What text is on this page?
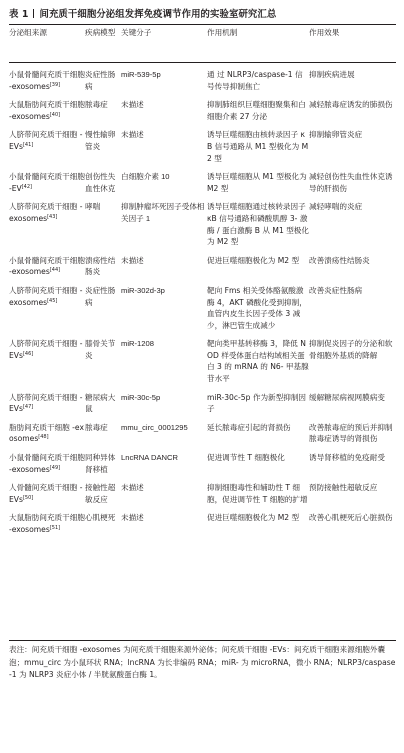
表 1 间充质干细胞分泌组发挥免疫调节作用的实验室研究汇总
分泌组来源	疾病模型	关键分子	作用机制	作用效果
小鼠骨髓间充质干细胞 -exosomes[39]	炎症性肠病	miR-539-5p	通 过 NLRP3/caspase-1 信号传导抑制焦亡	抑制疾病进展
大鼠脂肪间充质干细胞 -exosomes[40]	脓毒症	未描述	抑制肺组织巨噬细胞聚集和白细胞介素 27 分泌	减轻脓毒症诱发的肺损伤
人脐带间充质干细胞 -EVs[41]	慢性输卵管炎	未描述	诱导巨噬细胞由核转录因子 κB 信号通路从 M1 型极化为 M2 型	抑制输卵管炎症
小鼠骨髓间充质干细胞 -EV[42]	创伤性失血性休克	白细胞介素 10	诱导巨噬细胞从 M1 型极化为 M2 型	减轻创伤性失血性休克诱导的肝损伤
人脐带间充质干细胞 -exosomes[43]	哮喘	抑制肿瘤坏死因子受体相关因子 1	诱导巨噬细胞通过核转录因子 κB 信号通路和磷酸肌醇 3- 激酶 / 蛋白激酶 B 从 M1 型极化为 M2 型	减轻哮喘的炎症
小鼠骨髓间充质干细胞 -exosomes[44]	溃疡性结肠炎	未描述	促进巨噬细胞极化为 M2 型	改善溃疡性结肠炎
人脐带间充质干细胞 -exosomes[45]	炎症性肠病	miR-302d-3p	靶向 Fms 相关受体酪氨酸激酶 4，AKT 磷酸化受到抑制，血管内皮生长因子受体 3 减少，淋巴管生成减少	改善炎症性肠病
人脐带间充质干细胞 -EVs[46]	膝骨关节炎	miR-1208	靶向类甲基转移酶 3，降低 NOD 样受体蛋白结构域相关蛋白 3 的 mRNA 的 N6- 甲基腺苷水平	抑制促炎因子的分泌和软骨细胞外基质的降解
人脐带间充质干细胞 -EVs[47]	糖尿病大鼠	miR-30c-5p	miR-30c-5p 作为新型抑制因子	缓解糖尿病视网膜病变
脂肪间充质干细胞 -exosomes[48]	脓毒症	mmu_circ_0001295	延长脓毒症引起的肾损伤	改善脓毒症的预后并抑制脓毒症诱导的肾损伤
小鼠骨髓间充质干细胞 -exosomes[49]	同种异体肾移植	LncRNA DANCR	促进调节性 T 细胞极化	诱导肾移植的免疫耐受
人骨髓间充质干细胞 -EVs[50]	接触性超敏反应	未描述	抑制细胞毒性和辅助性 T 细胞，促进调节性 T 细胞的扩增	预防接触性超敏反应
大鼠脂肪间充质干细胞 -exosomes[51]	心肌梗死	未描述	促进巨噬细胞极化为 M2 型	改善心肌梗死后心脏损伤
表注：间充质干细胞 -exosomes 为间充质干细胞来源外泌体；间充质干细胞 -EVs：间充质干细胞来源细胞外囊泡；mmu_circ 为小鼠环状 RNA；lncRNA 为长非编码 RNA；miR- 为 microRNA，微小 RNA；NLRP3/caspase-1 为 NLRP3 炎症小体 / 半胱氨酸蛋白酶 1。
